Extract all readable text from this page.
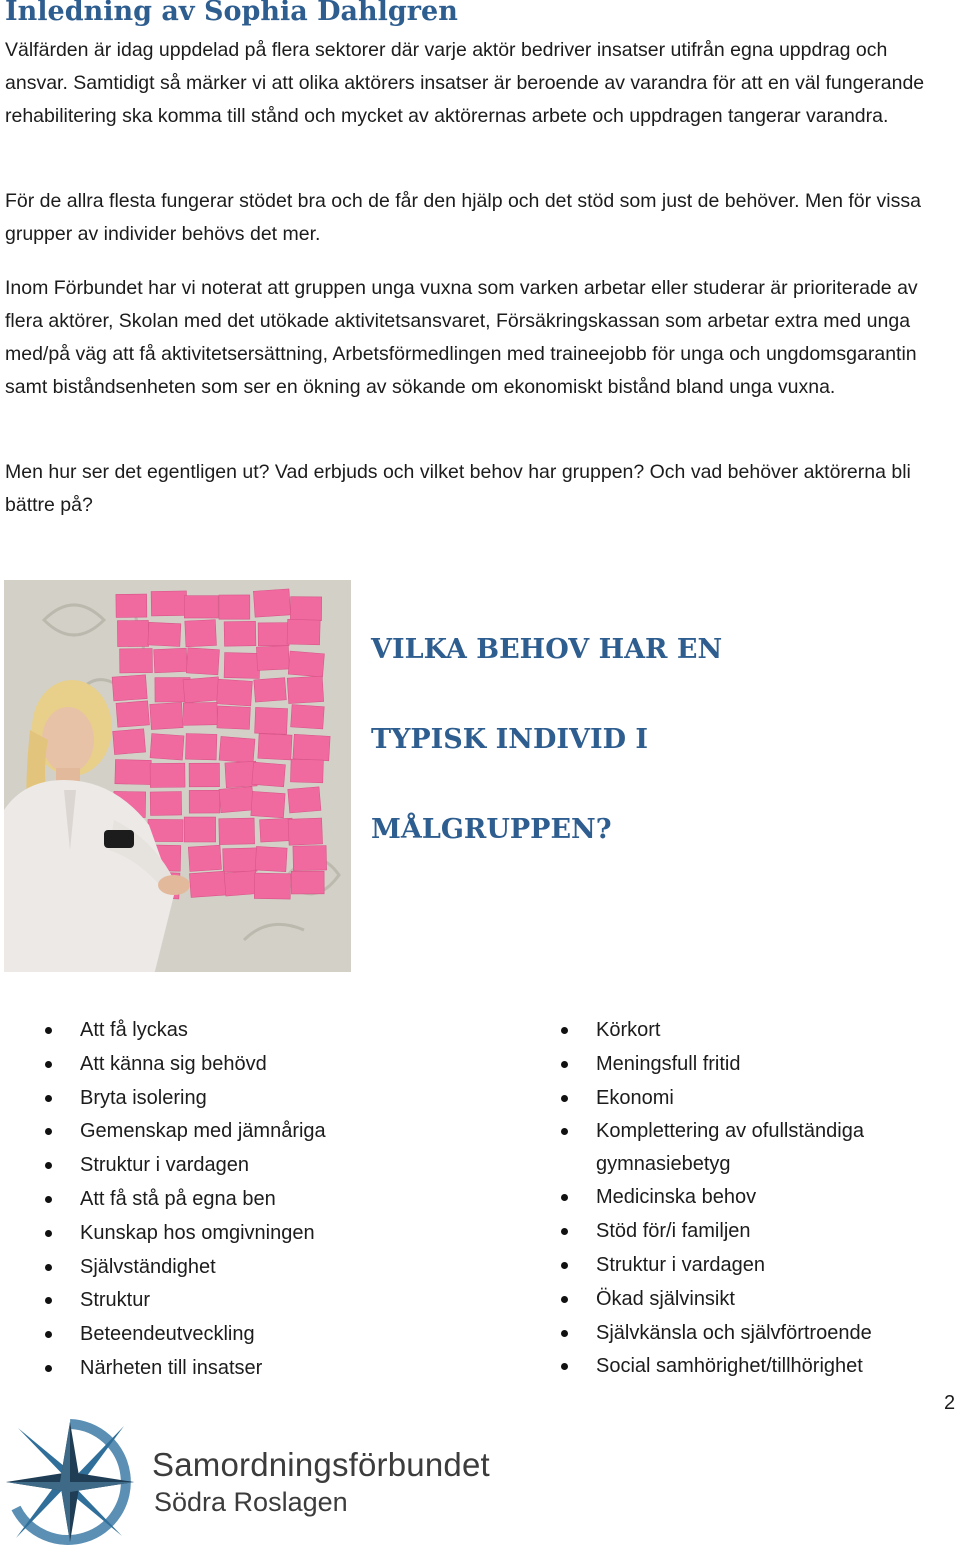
Inledning av Sophia Dahlgren

Välfärden är idag uppdelad på flera sektorer där varje aktör bedriver insatser utifrån egna uppdrag och ansvar. Samtidigt så märker vi att olika aktörers insatser är beroende av varandra för att en väl fungerande rehabilitering ska komma till stånd och mycket av aktörernas arbete och uppdragen tangerar varandra.

För de allra flesta fungerar stödet bra och de får den hjälp och det stöd som just de behöver. Men för vissa grupper av individer behövs det mer.

Inom Förbundet har vi noterat att gruppen unga vuxna som varken arbetar eller studerar är prioriterade av flera aktörer, Skolan med det utökade aktivitetsansvaret, Försäkringskassan som arbetar extra med unga med/på väg att få aktivitetsersättning, Arbetsförmedlingen med traineejobb för unga och ungdomsgarantin samt biståndsenheten som ser en ökning av sökande om ekonomiskt bistånd bland unga vuxna.

Men hur ser det egentligen ut? Vad erbjuds och vilket behov har gruppen? Och vad behöver aktörerna bli bättre på?

VILKA BEHOV HAR EN
TYPISK INDIVID I
MÅLGRUPPEN?
Att få lyckas
Att känna sig behövd
Bryta isolering
Gemenskap med jämnåriga
Struktur i vardagen
Att få stå på egna ben
Kunskap hos omgivningen
Självständighet
Struktur
Beteendeutveckling
Närheten till insatser
Körkort
Meningsfull fritid
Ekonomi
Komplettering av ofullständiga gymnasiebetyg
Medicinska behov
Stöd för/i familjen
Struktur i vardagen
Ökad självinsikt
Självkänsla och självförtroende
Social samhörighet/tillhörighet
2
Samordningsförbundet
Södra Roslagen
